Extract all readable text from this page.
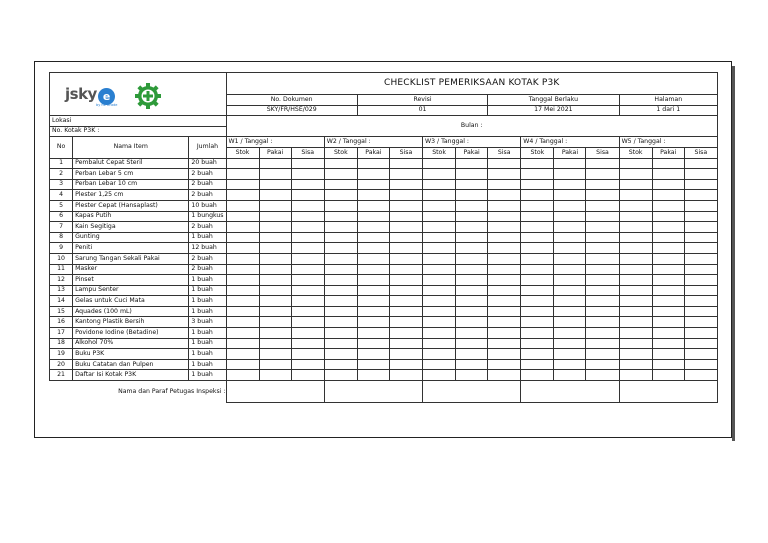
jsky e
by fix Grade			CHECKLIST PEMERIKSAAN KOTAK P3K														
			No. Dokumen				Revisi				Tanggal Berlaku				Halaman		
			SKY/FR/HSE/029				01				17 Mei 2021				1 dari 1		
Lokasi			Bulan :														
No. Kotak P3K :																	
No	Nama Item	Jumlah	W1 / Tanggal :			W2 / Tanggal :			W3 / Tanggal :			W4 / Tanggal :			W5 / Tanggal :		
			Stok	Pakai	Sisa	Stok	Pakai	Sisa	Stok	Pakai	Sisa	Stok	Pakai	Sisa	Stok	Pakai	Sisa
1	Pembalut Cepat Steril	20 buah															
2	Perban Lebar 5 cm	2 buah															
3	Perban Lebar 10 cm	2 buah															
4	Plester 1,25 cm	2 buah															
5	Plester Cepat (Hansaplast)	10 buah															
6	Kapas Putih	1 bungkus															
7	Kain Segitiga	2 buah															
8	Gunting	1 buah															
9	Peniti	12 buah															
10	Sarung Tangan Sekali Pakai	2 buah															
11	Masker	2 buah															
12	Pinset	1 buah															
13	Lampu Senter	1 buah															
14	Gelas untuk Cuci Mata	1 buah															
15	Aquades (100 mL)	1 buah															
16	Kantong Plastik Bersih	3 buah															
17	Povidone Iodine (Betadine)	1 buah															
18	Alkohol 70%	1 buah															
19	Buku P3K	1 buah															
20	Buku Catatan dan Pulpen	1 buah															
21	Daftar Isi Kotak P3K	1 buah															
Nama dan Paraf Petugas Inspeksi :																	
